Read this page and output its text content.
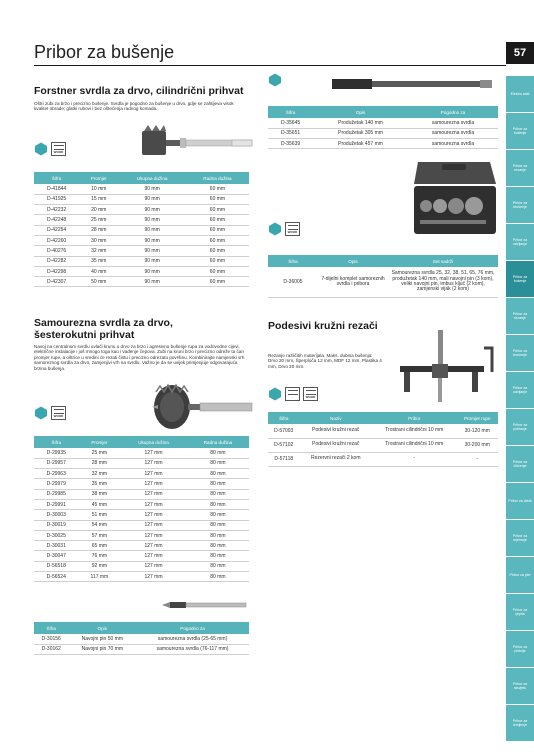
Pribor za bušenje	57
Elektro alati
Pribor za bušenje
Pribor za rezanje
Pribor za brušenje
Pribor za odvijanje
Pribor za bušenje
Pribor za rezanje
Pribor za brušenje
Pribor za odvijanje
Pribor za poliranje
Pribor za čišćenje
Pribor za dleta
Pribor za mjerenje
Pribor za pile
Pribor za ljepila
Pribor za pištolje
Pribor za rasvjetu
Pribor za lemljenje
Forstner svrdla za drvo, cilindrični prihvat
Oštri zubi za brzo i precizno bušenje. Svrdla je pogodno za bušenje u drvo, gdje se zahtijeva visok kvalitet obrade; glatki rubovi i bez oštećenja radnog komada.
WOOD
Šifra	Promjer	Ukupna dužina	Radna dužina
D-41844	10 mm	90 mm	60 mm
D-41925	15 mm	90 mm	60 mm
D-42232	20 mm	90 mm	60 mm
D-42248	25 mm	90 mm	60 mm
D-42254	28 mm	90 mm	60 mm
D-42260	30 mm	90 mm	60 mm
D-40276	32 mm	90 mm	60 mm
D-42282	35 mm	90 mm	60 mm
D-42298	40 mm	90 mm	60 mm
D-42307	50 mm	90 mm	60 mm
Samourezna svrdla za drvo,
šesterokutni prihvat
Navoj na centralnom svrdlu uvlači krunu u drvo za brzo i agresivno bušenje rupa za vodovodne cijevi, električne instalacije i još mnogo toga kao i vađenje čepova. Zubi na kruni brzo i precizno odreže ta čan promjer rupe, a oštrice u sredini će rezati čistu i precizno odrezatu površinu. Kombinirajte namjenski vrh samoreznog svrdla za drvo, zamjenjivi vrh na svrdlu. Važno je da se uvijek primjenjuje odgovarajuća brzina bušenja.
WOOD
Šifra	Promjer	Ukupna dužina	Radna dužina
D-29935	25 mm	127 mm	80 mm
D-29957	28 mm	127 mm	80 mm
D-29963	32 mm	127 mm	80 mm
D-29979	35 mm	127 mm	80 mm
D-29985	38 mm	127 mm	80 mm
D-29991	45 mm	127 mm	80 mm
D-30003	51 mm	127 mm	80 mm
D-30019	54 mm	127 mm	80 mm
D-30025	57 mm	127 mm	80 mm
D-30031	65 mm	127 mm	80 mm
D-30047	76 mm	127 mm	80 mm
D-56518	92 mm	127 mm	80 mm
D-56524	117 mm	127 mm	80 mm
Šifra	Opis	Pogodno za
D-30156	Navojni pin 50 mm	samourezna svrdla (25-65 mm)
D-30162	Navojni pin 70 mm	samourezna svrdla (76-117 mm)
Šifra	Opis	Pogodno za
D-35645	Produžetak 140 mm	samourezna svrdla
D-35651	Produžetak 305 mm	samourezna svrdla
D-35639	Produžetak 457 mm	samourezna svrdla
WOOD
Šifra	Opis	Set sadrži
D-36005	7-dijelni komplet samoreznih svrdla i pribora	Samourezna svrdla 25, 32, 38, 51, 65, 76 mm, produžetak 140 mm, mali navojni pin (3 kom), veliki navojni pin, imbus ključ (2 kom), zamjenski vijak (2 kom)
Podesivi kružni rezači
Rezanje različitih materijala. Maks. dubina bušenja: Drvo 20 mm, Šperploča 12 mm, MDF 12 mm, Plastika 4 mm, Drvo 20 mm.
·	WOOD
Šifra	Naziv	Pribor	Promjer rupe
D-57093	Podesivi kružni rezač	Trostrani cilindrični 10 mm	30-120 mm
D-57102	Podesivi kružni rezač	Trostrani cilindrični 10 mm	30-200 mm
D-57118	Rezervni rezači 2 kom	-	-
